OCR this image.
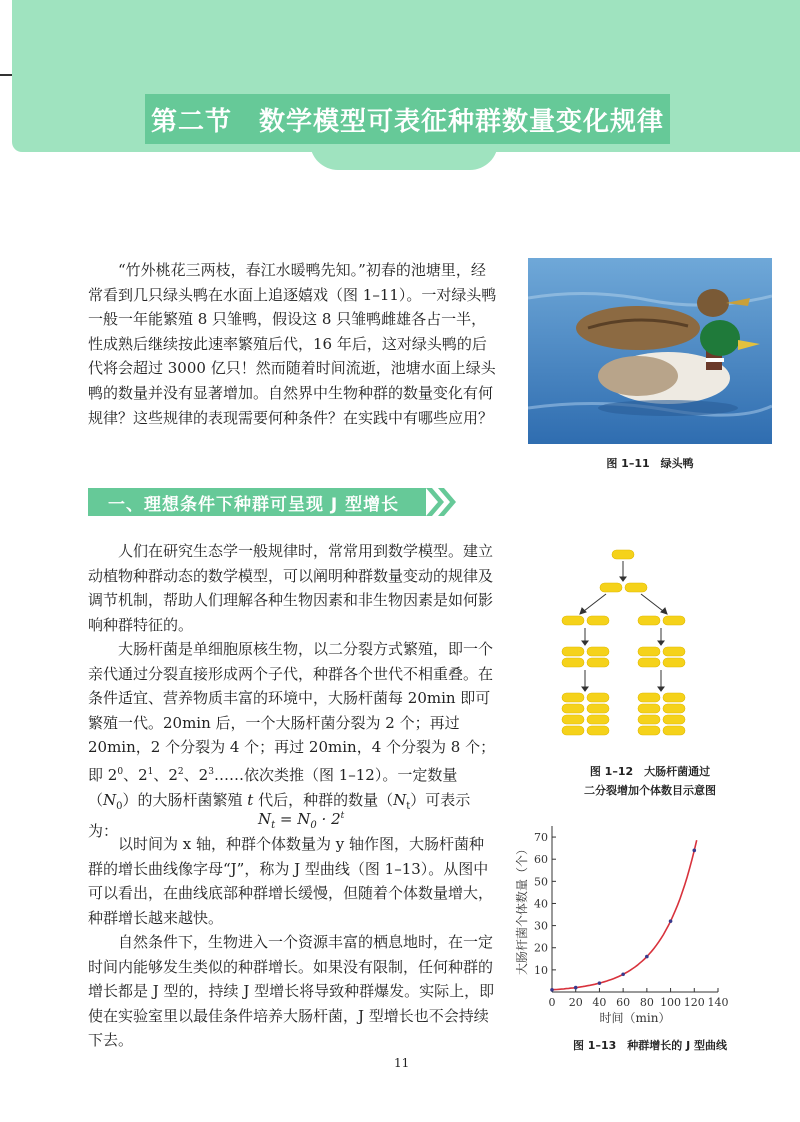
第二节　数学模型可表征种群数量变化规律

“竹外桃花三两枝，春江水暖鸭先知。”初春的池塘里，经常看到几只绿头鸭在水面上追逐嬉戏（图 1–11）。一对绿头鸭一般一年能繁殖 8 只雏鸭，假设这 8 只雏鸭雌雄各占一半，性成熟后继续按此速率繁殖后代，16 年后，这对绿头鸭的后代将会超过 3000 亿只！然而随着时间流逝，池塘水面上绿头鸭的数量并没有显著增加。自然界中生物种群的数量变化有何规律？这些规律的表现需要何种条件？在实践中有哪些应用？

图 1–11　绿头鸭
一、理想条件下种群可呈现 J 型增长

人们在研究生态学一般规律时，常常用到数学模型。建立动植物种群动态的数学模型，可以阐明种群数量变动的规律及调节机制，帮助人们理解各种生物因素和非生物因素是如何影响种群特征的。

大肠杆菌是单细胞原核生物，以二分裂方式繁殖，即一个亲代通过分裂直接形成两个子代，种群各个世代不相重叠。在条件适宜、营养物质丰富的环境中，大肠杆菌每 20min 即可繁殖一代。20min 后，一个大肠杆菌分裂为 2 个；再过 20min，2 个分裂为 4 个；再过 20min，4 个分裂为 8 个；即 $2^0$、$2^1$、$2^2$、$2^3\dots\dots$依次类推（图 1–12）。一定数量$(N_0)$的大肠杆菌繁殖 t 代后，种群的数量$(N_t)$可表示为：

$N_t = N_0 \cdot 2^t$

以时间为 x 轴，种群个体数量为 y 轴作图，大肠杆菌种群的增长曲线像字母“J”，称为 J 型曲线（图 1–13）。从图中可以看出，在曲线底部种群增长缓慢，但随着个体数量增大，种群增长越来越快。

自然条件下，生物进入一个资源丰富的栖息地时，在一定时间内能够发生类似的种群增长。如果没有限制，任何种群的增长都是 J 型的，持续 J 型增长将导致种群爆发。实际上，即使在实验室里以最佳条件培养大肠杆菌，J 型增长也不会持续下去。

图 1–12　大肠杆菌通过
二分裂增加个体数目示意图
10
20
30
40
50
60
70
0 20 40 60 80 100 120 140
时间（min）
大肠杆菌个体数量（个）
图 1–13　种群增长的 J 型曲线
11
